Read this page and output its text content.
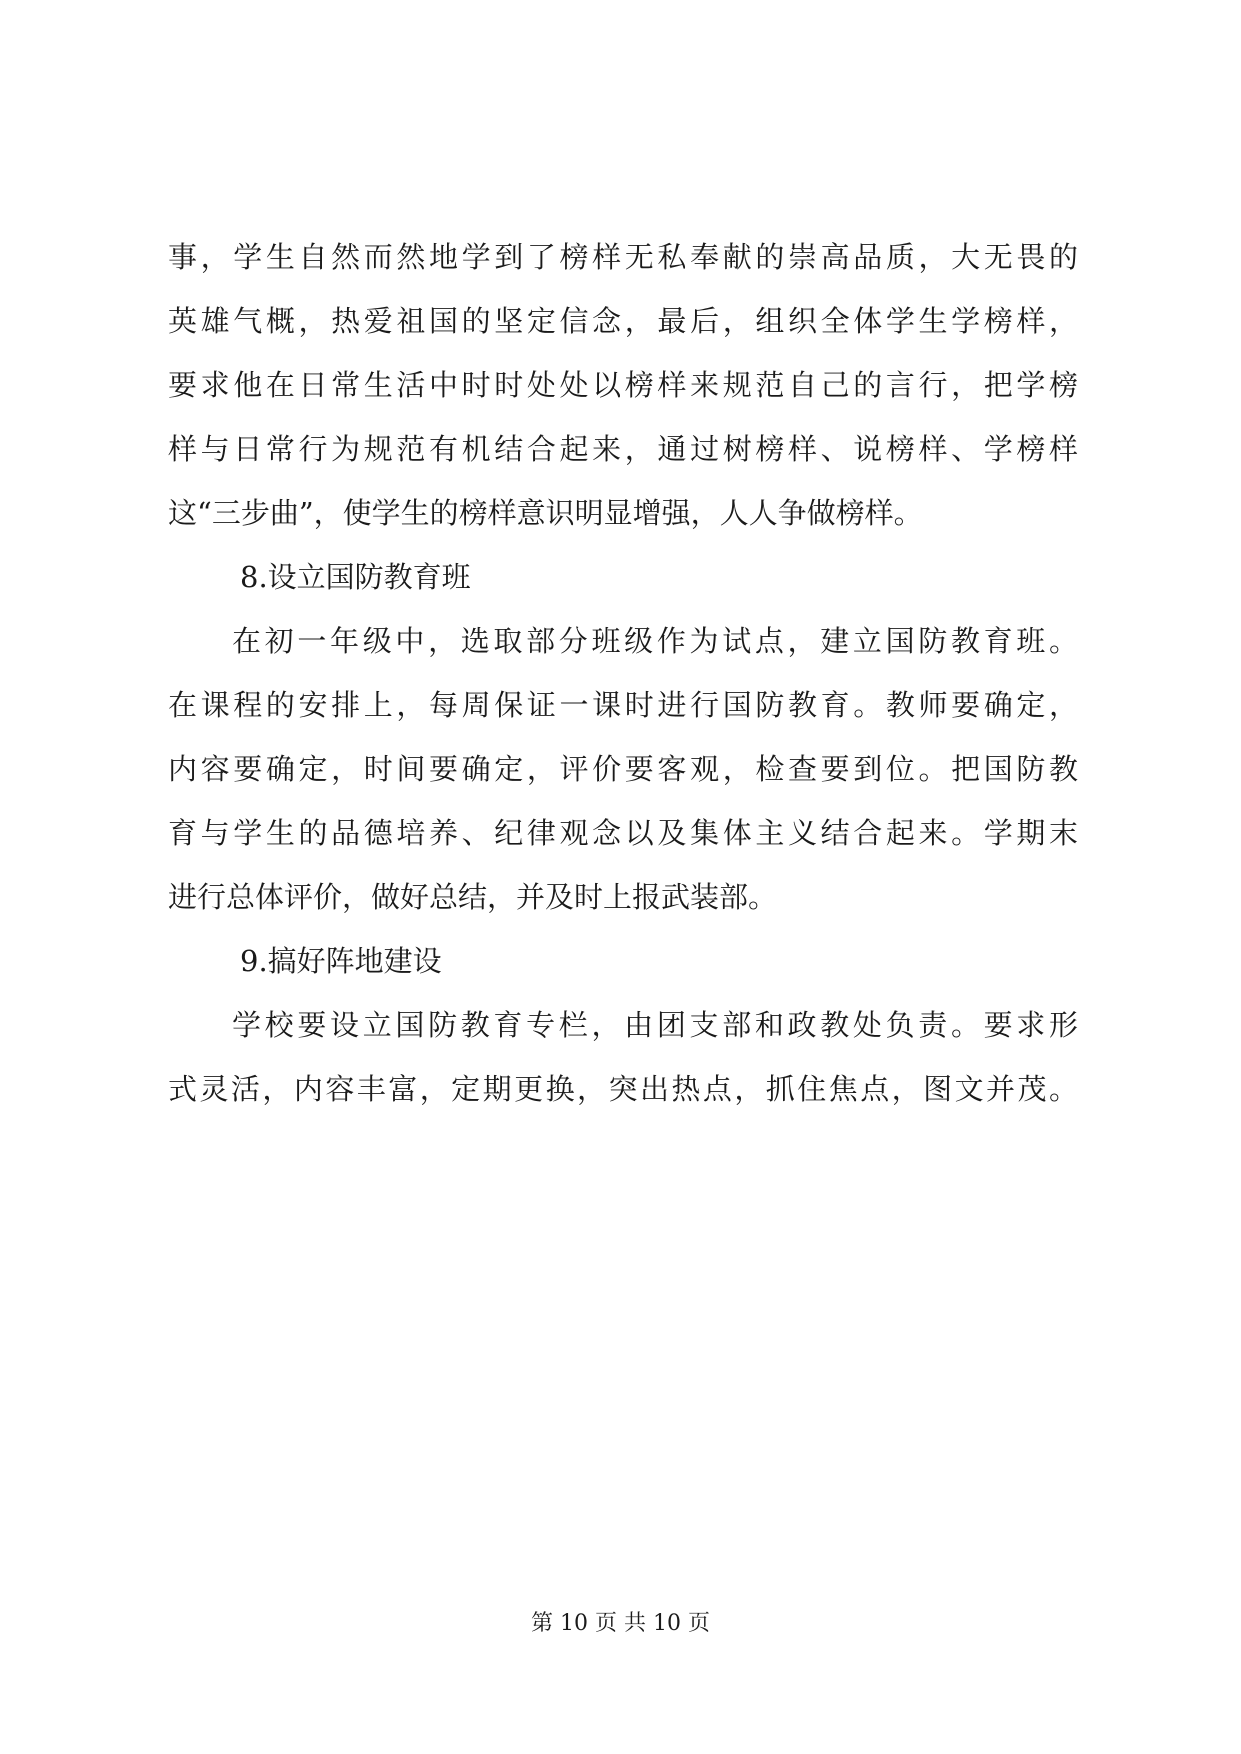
事，学生自然而然地学到了榜样无私奉献的崇高品质，大无畏的
英雄气概，热爱祖国的坚定信念，最后，组织全体学生学榜样，
要求他在日常生活中时时处处以榜样来规范自己的言行，把学榜
样与日常行为规范有机结合起来，通过树榜样、说榜样、学榜样
这“三步曲”，使学生的榜样意识明显增强，人人争做榜样。
8.设立国防教育班
在初一年级中，选取部分班级作为试点，建立国防教育班。
在课程的安排上，每周保证一课时进行国防教育。教师要确定，
内容要确定，时间要确定，评价要客观，检查要到位。把国防教
育与学生的品德培养、纪律观念以及集体主义结合起来。学期末
进行总体评价，做好总结，并及时上报武装部。
9.搞好阵地建设
学校要设立国防教育专栏，由团支部和政教处负责。要求形
式灵活，内容丰富，定期更换，突出热点，抓住焦点，图文并茂。
第 10 页 共 10 页
